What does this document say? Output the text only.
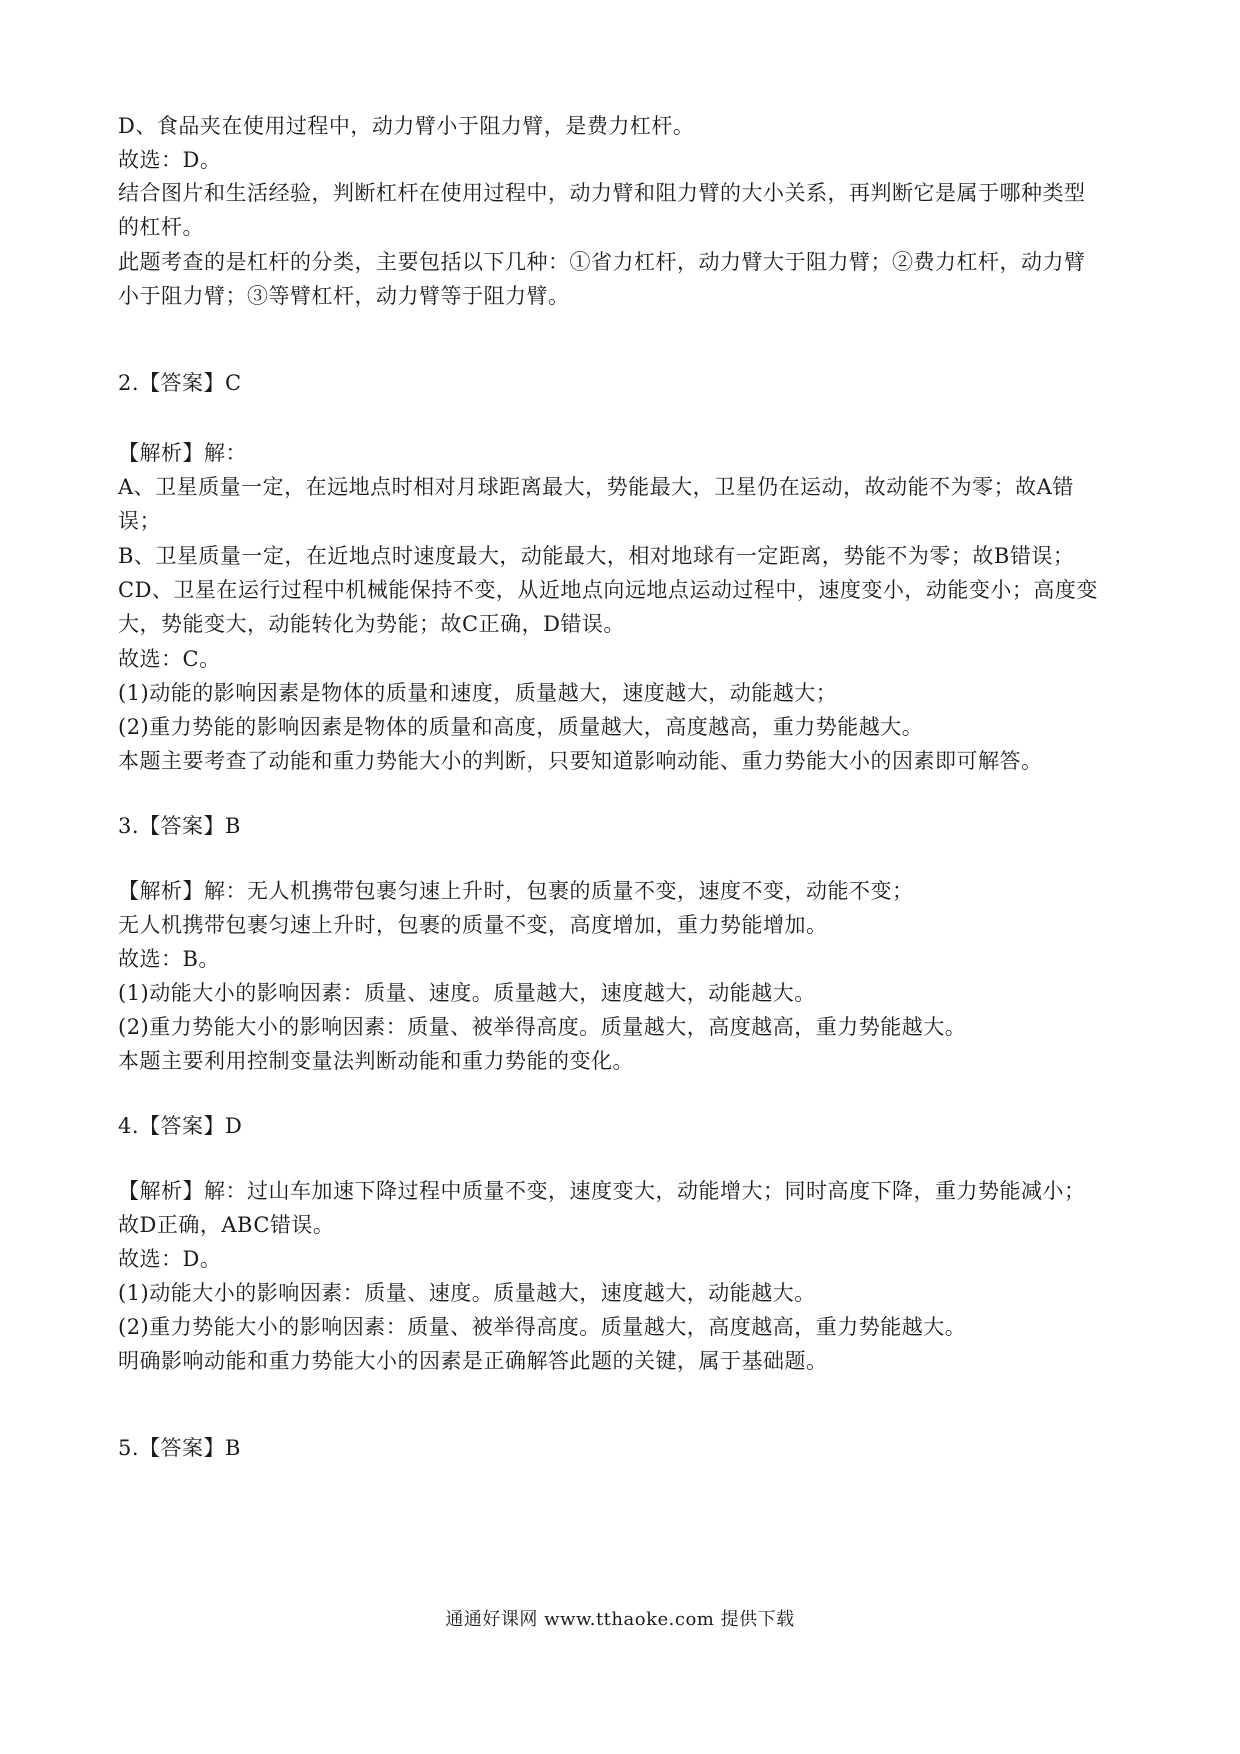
D、食品夹在使用过程中，动力臂小于阻力臂，是费力杠杆。
故选：D。
结合图片和生活经验，判断杠杆在使用过程中，动力臂和阻力臂的大小关系，再判断它是属于哪种类型
的杠杆。
此题考查的是杠杆的分类，主要包括以下几种：①省力杠杆，动力臂大于阻力臂；②费力杠杆，动力臂
小于阻力臂；③等臂杠杆，动力臂等于阻力臂。
2.【答案】C
【解析】解：
A、卫星质量一定，在远地点时相对月球距离最大，势能最大，卫星仍在运动，故动能不为零；故A错
误；
B、卫星质量一定，在近地点时速度最大，动能最大，相对地球有一定距离，势能不为零；故B错误；
CD、卫星在运行过程中机械能保持不变，从近地点向远地点运动过程中，速度变小，动能变小；高度变
大，势能变大，动能转化为势能；故C正确，D错误。
故选：C。
(1)动能的影响因素是物体的质量和速度，质量越大，速度越大，动能越大；
(2)重力势能的影响因素是物体的质量和高度，质量越大，高度越高，重力势能越大。
本题主要考查了动能和重力势能大小的判断，只要知道影响动能、重力势能大小的因素即可解答。
3.【答案】B
【解析】解：无人机携带包裹匀速上升时，包裹的质量不变，速度不变，动能不变；
无人机携带包裹匀速上升时，包裹的质量不变，高度增加，重力势能增加。
故选：B。
(1)动能大小的影响因素：质量、速度。质量越大，速度越大，动能越大。
(2)重力势能大小的影响因素：质量、被举得高度。质量越大，高度越高，重力势能越大。
本题主要利用控制变量法判断动能和重力势能的变化。
4.【答案】D
【解析】解：过山车加速下降过程中质量不变，速度变大，动能增大；同时高度下降，重力势能减小；
故D正确，ABC错误。
故选：D。
(1)动能大小的影响因素：质量、速度。质量越大，速度越大，动能越大。
(2)重力势能大小的影响因素：质量、被举得高度。质量越大，高度越高，重力势能越大。
明确影响动能和重力势能大小的因素是正确解答此题的关键，属于基础题。
5.【答案】B
通通好课网 www.tthaoke.com 提供下载
